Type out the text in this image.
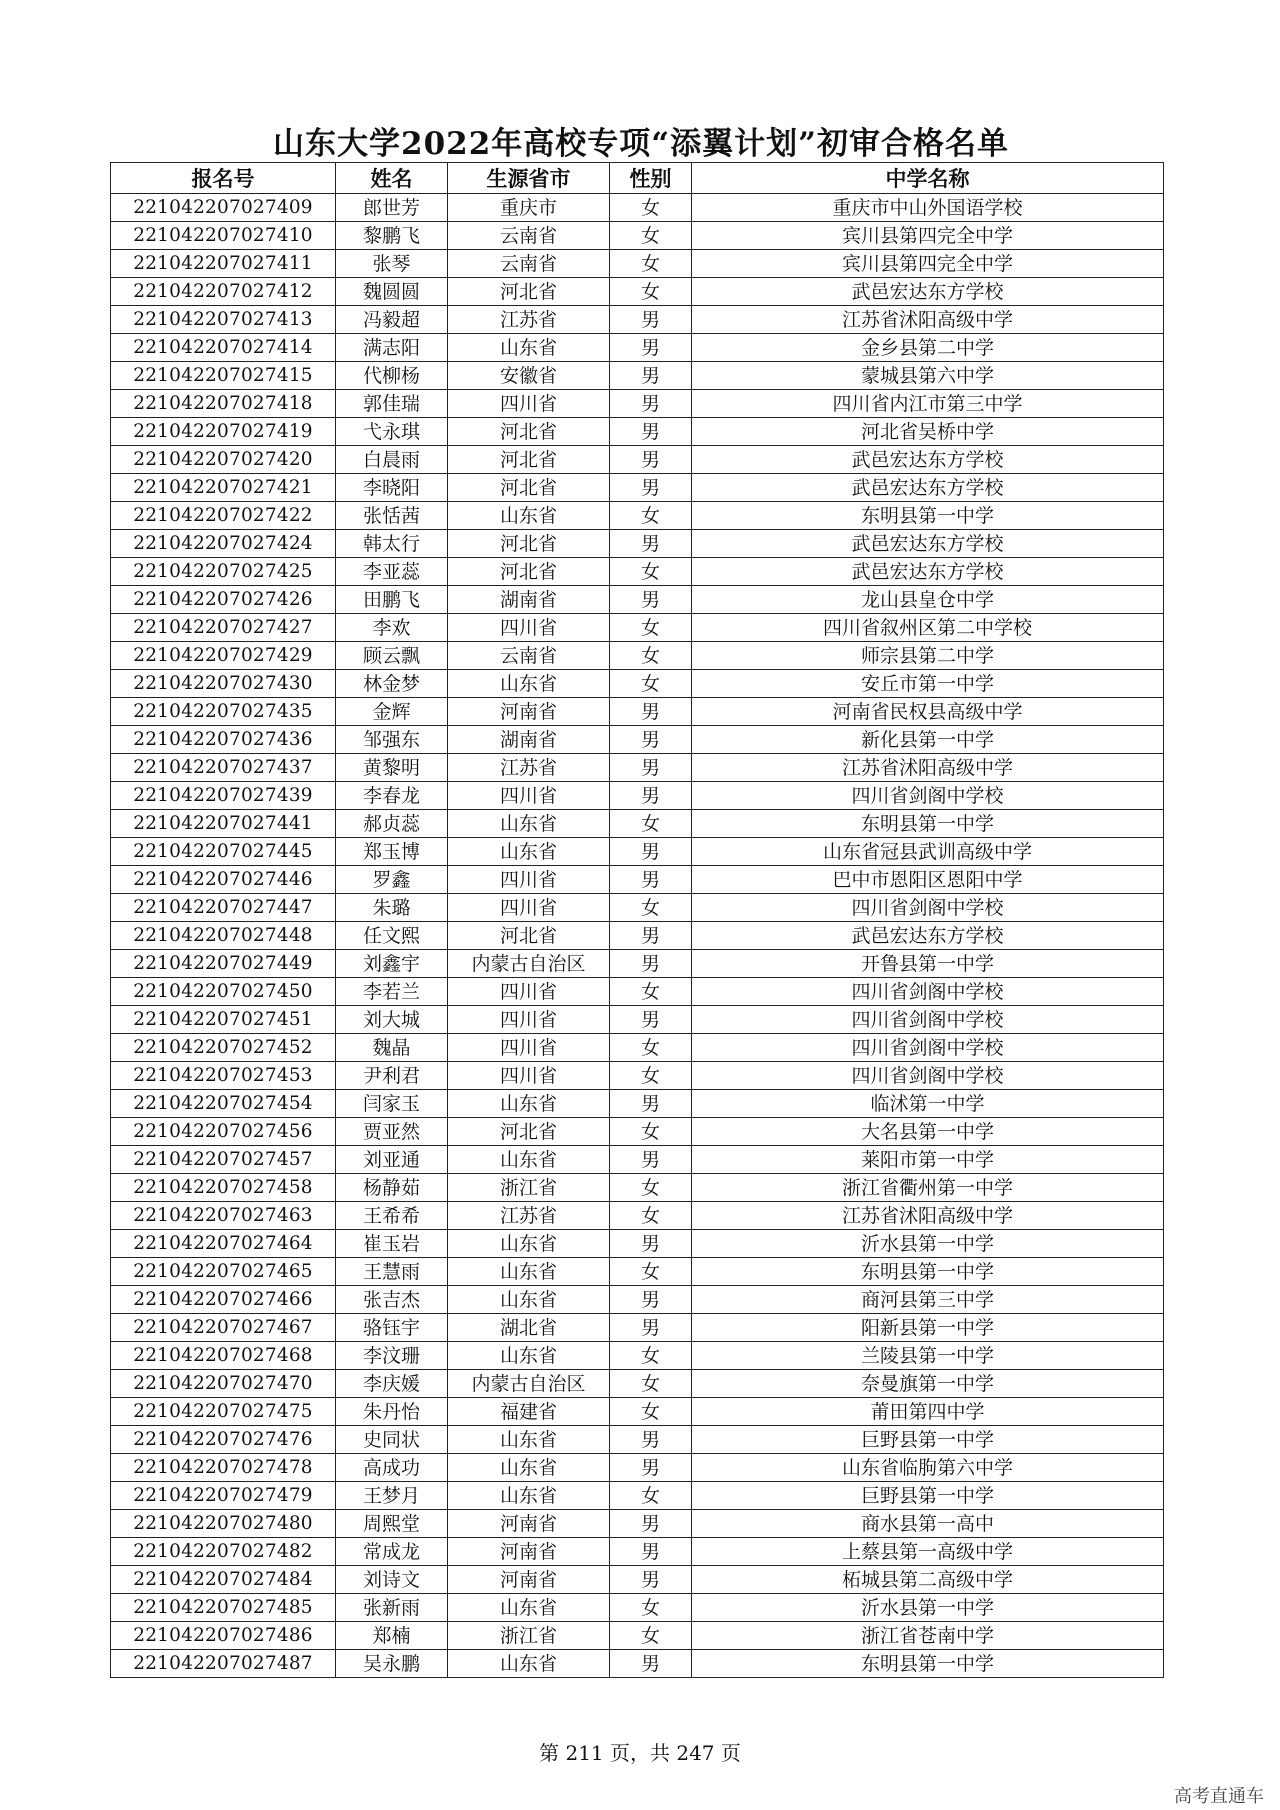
山东大学2022年高校专项“添翼计划”初审合格名单
报名号	姓名	生源省市	性别	中学名称
221042207027409	郎世芳	重庆市	女	重庆市中山外国语学校
221042207027410	黎鹏飞	云南省	女	宾川县第四完全中学
221042207027411	张琴	云南省	女	宾川县第四完全中学
221042207027412	魏圆圆	河北省	女	武邑宏达东方学校
221042207027413	冯毅超	江苏省	男	江苏省沭阳高级中学
221042207027414	满志阳	山东省	男	金乡县第二中学
221042207027415	代柳杨	安徽省	男	蒙城县第六中学
221042207027418	郭佳瑞	四川省	男	四川省内江市第三中学
221042207027419	弋永琪	河北省	男	河北省吴桥中学
221042207027420	白晨雨	河北省	男	武邑宏达东方学校
221042207027421	李晓阳	河北省	男	武邑宏达东方学校
221042207027422	张恬茜	山东省	女	东明县第一中学
221042207027424	韩太行	河北省	男	武邑宏达东方学校
221042207027425	李亚蕊	河北省	女	武邑宏达东方学校
221042207027426	田鹏飞	湖南省	男	龙山县皇仓中学
221042207027427	李欢	四川省	女	四川省叙州区第二中学校
221042207027429	顾云飘	云南省	女	师宗县第二中学
221042207027430	林金梦	山东省	女	安丘市第一中学
221042207027435	金辉	河南省	男	河南省民权县高级中学
221042207027436	邹强东	湖南省	男	新化县第一中学
221042207027437	黄黎明	江苏省	男	江苏省沭阳高级中学
221042207027439	李春龙	四川省	男	四川省剑阁中学校
221042207027441	郝贞蕊	山东省	女	东明县第一中学
221042207027445	郑玉博	山东省	男	山东省冠县武训高级中学
221042207027446	罗鑫	四川省	男	巴中市恩阳区恩阳中学
221042207027447	朱璐	四川省	女	四川省剑阁中学校
221042207027448	任文熙	河北省	男	武邑宏达东方学校
221042207027449	刘鑫宇	内蒙古自治区	男	开鲁县第一中学
221042207027450	李若兰	四川省	女	四川省剑阁中学校
221042207027451	刘大城	四川省	男	四川省剑阁中学校
221042207027452	魏晶	四川省	女	四川省剑阁中学校
221042207027453	尹利君	四川省	女	四川省剑阁中学校
221042207027454	闫家玉	山东省	男	临沭第一中学
221042207027456	贾亚然	河北省	女	大名县第一中学
221042207027457	刘亚通	山东省	男	莱阳市第一中学
221042207027458	杨静茹	浙江省	女	浙江省衢州第一中学
221042207027463	王希希	江苏省	女	江苏省沭阳高级中学
221042207027464	崔玉岩	山东省	男	沂水县第一中学
221042207027465	王慧雨	山东省	女	东明县第一中学
221042207027466	张吉杰	山东省	男	商河县第三中学
221042207027467	骆钰宇	湖北省	男	阳新县第一中学
221042207027468	李汶珊	山东省	女	兰陵县第一中学
221042207027470	李庆媛	内蒙古自治区	女	奈曼旗第一中学
221042207027475	朱丹怡	福建省	女	莆田第四中学
221042207027476	史同状	山东省	男	巨野县第一中学
221042207027478	高成功	山东省	男	山东省临朐第六中学
221042207027479	王梦月	山东省	女	巨野县第一中学
221042207027480	周熙堂	河南省	男	商水县第一高中
221042207027482	常成龙	河南省	男	上蔡县第一高级中学
221042207027484	刘诗文	河南省	男	柘城县第二高级中学
221042207027485	张新雨	山东省	女	沂水县第一中学
221042207027486	郑楠	浙江省	女	浙江省苍南中学
221042207027487	吴永鹏	山东省	男	东明县第一中学
第 211 页，共 247 页
高考直通车
